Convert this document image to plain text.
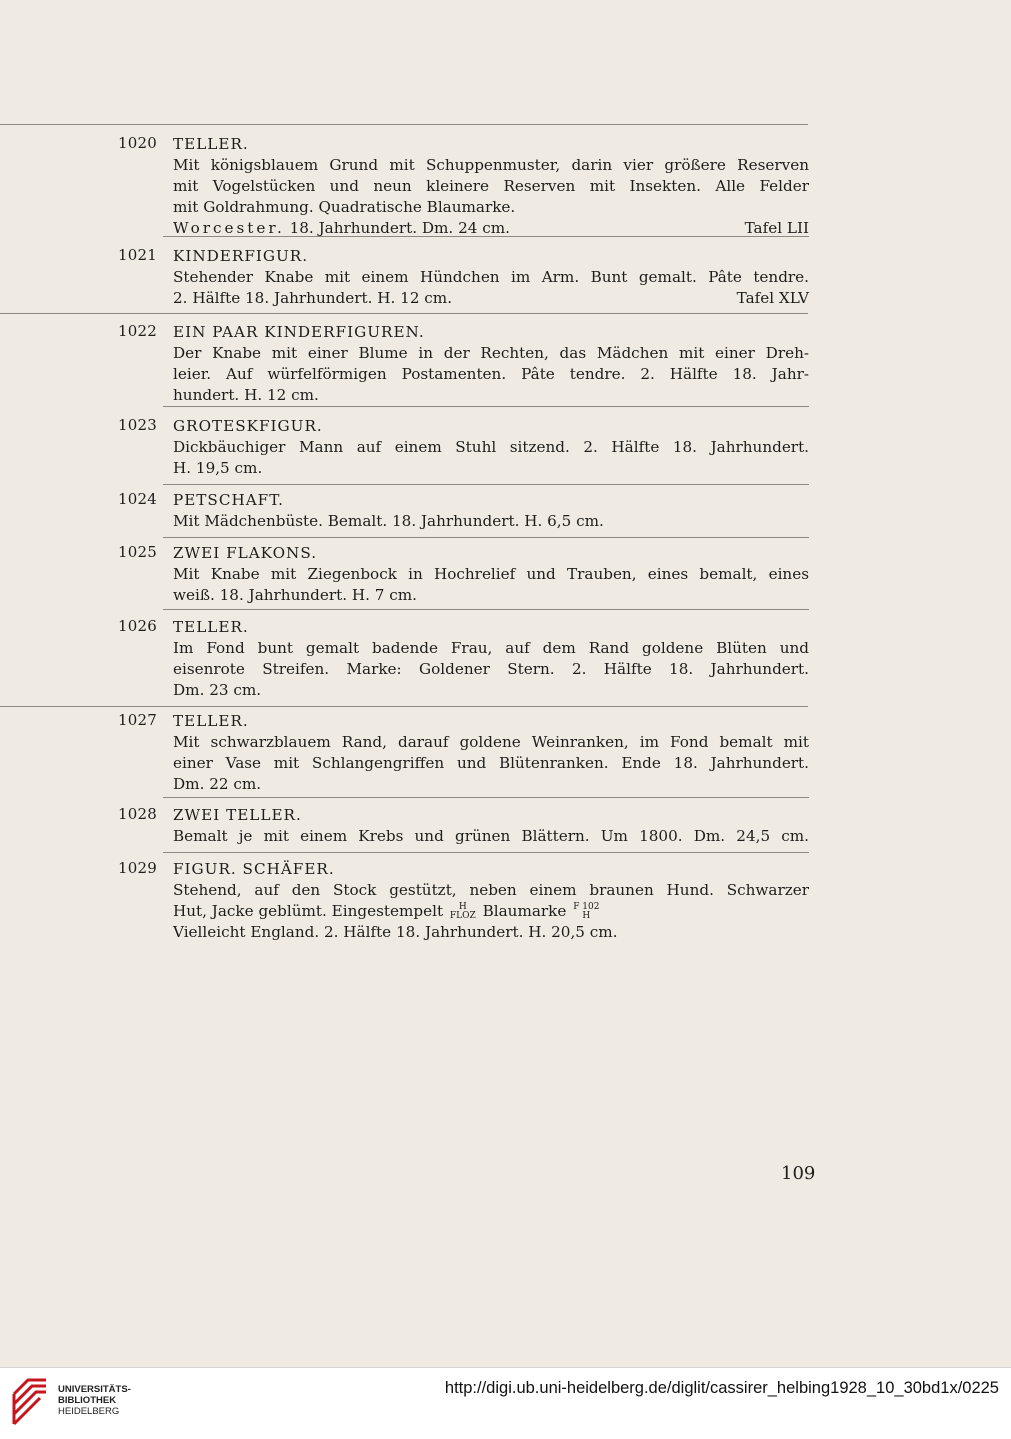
1020 TELLER.
Mit königsblauem Grund mit Schuppenmuster, darin vier größere Reserven
mit Vogelstücken und neun kleinere Reserven mit Insekten. Alle Felder
mit Goldrahmung. Quadratische Blaumarke.
Worcester. 18. Jahrhundert. Dm. 24 cm.	Tafel LII
1021 KINDERFIGUR.
Stehender Knabe mit einem Hündchen im Arm. Bunt gemalt. Pâte tendre.
2. Hälfte 18. Jahrhundert. H. 12 cm.	Tafel XLV
1022 EIN PAAR KINDERFIGUREN.
Der Knabe mit einer Blume in der Rechten, das Mädchen mit einer Dreh-
leier. Auf würfelförmigen Postamenten. Pâte tendre. 2. Hälfte 18. Jahr-
hundert. H. 12 cm.
1023 GROTESKFIGUR.
Dickbäuchiger Mann auf einem Stuhl sitzend. 2. Hälfte 18. Jahrhundert.
H. 19,5 cm.
1024 PETSCHAFT.
Mit Mädchenbüste. Bemalt. 18. Jahrhundert. H. 6,5 cm.
1025 ZWEI FLAKONS.
Mit Knabe mit Ziegenbock in Hochrelief und Trauben, eines bemalt, eines
weiß. 18. Jahrhundert. H. 7 cm.
1026 TELLER.
Im Fond bunt gemalt badende Frau, auf dem Rand goldene Blüten und
eisenrote Streifen. Marke: Goldener Stern. 2. Hälfte 18. Jahrhundert.
Dm. 23 cm.
1027 TELLER.
Mit schwarzblauem Rand, darauf goldene Weinranken, im Fond bemalt mit
einer Vase mit Schlangengriffen und Blütenranken. Ende 18. Jahrhundert.
Dm. 22 cm.
1028 ZWEI TELLER.
Bemalt je mit einem Krebs und grünen Blättern. Um 1800. Dm. 24,5 cm.
1029 FIGUR. SCHÄFER.
Stehend, auf den Stock gestützt, neben einem braunen Hund. Schwarzer
Hut, Jacke geblümt. Eingestempelt H
FLOZ Blaumarke F 102
H
Vielleicht England. 2. Hälfte 18. Jahrhundert. H. 20,5 cm.
109
UNIVERSITÄTS-
BIBLIOTHEK
HEIDELBERG
http://digi.ub.uni-heidelberg.de/diglit/cassirer_helbing1928_10_30bd1x/0225
